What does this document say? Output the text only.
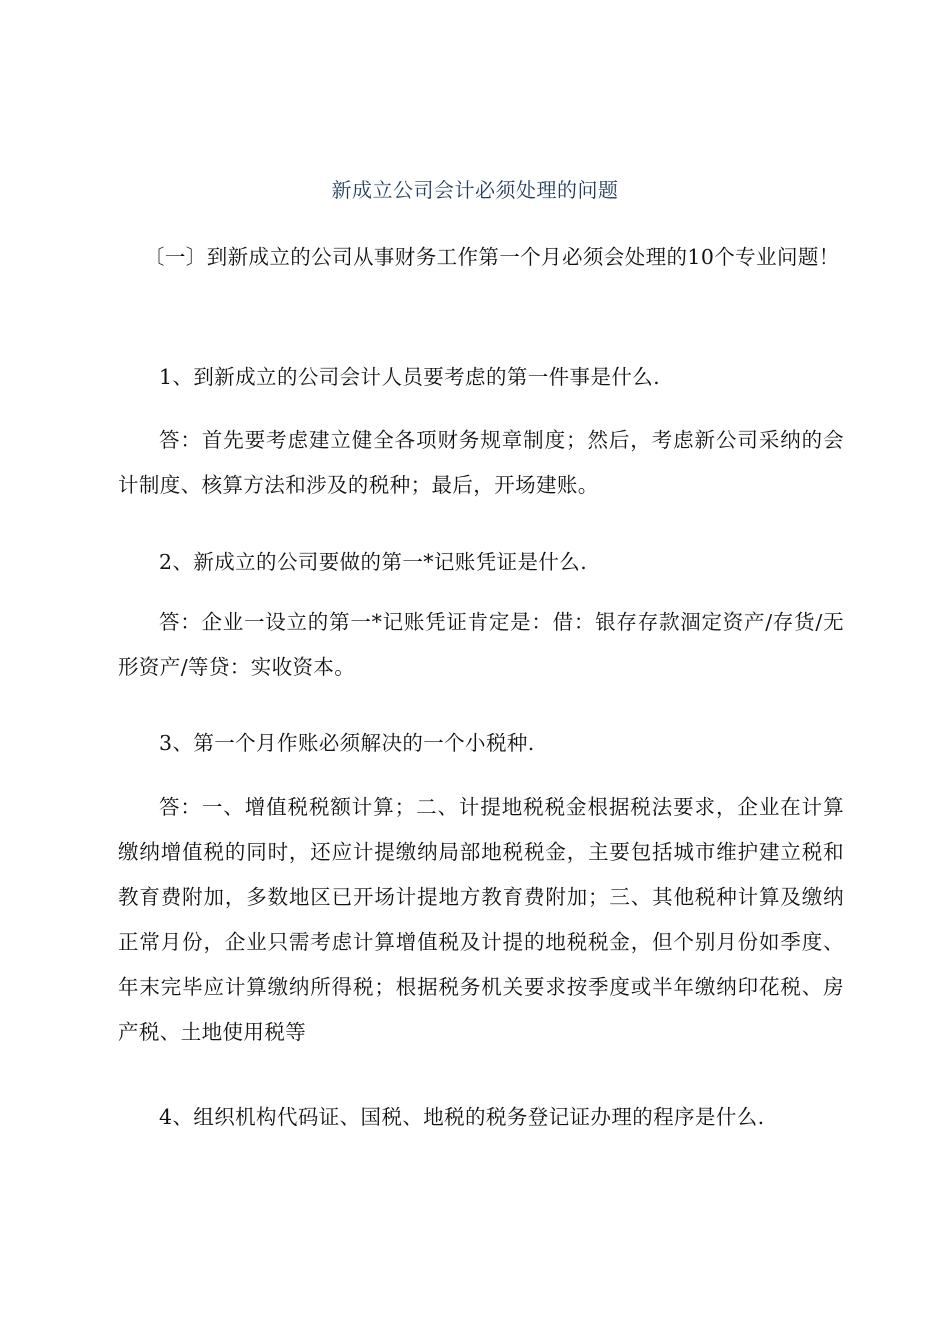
新成立公司会计必须处理的问题

〔一〕到新成立的公司从事财务工作第一个月必须会处理的10个专业问题！

1、到新成立的公司会计人员要考虑的第一件事是什么.

答：首先要考虑建立健全各项财务规章制度；然后，考虑新公司采纳的会计制度、核算方法和涉及的税种；最后，开场建账。

2、新成立的公司要做的第一*记账凭证是什么.

答：企业一设立的第一*记账凭证肯定是：借：银存存款涸定资产/存货/无形资产/等贷：实收资本。

3、第一个月作账必须解决的一个小税种.

答：一、增值税税额计算；二、计提地税税金根据税法要求，企业在计算缴纳增值税的同时，还应计提缴纳局部地税税金，主要包括城市维护建立税和教育费附加，多数地区已开场计提地方教育费附加；三、其他税种计算及缴纳正常月份，企业只需考虑计算增值税及计提的地税税金，但个别月份如季度、年末完毕应计算缴纳所得税；根据税务机关要求按季度或半年缴纳印花税、房产税、土地使用税等

4、组织机构代码证、国税、地税的税务登记证办理的程序是什么.
